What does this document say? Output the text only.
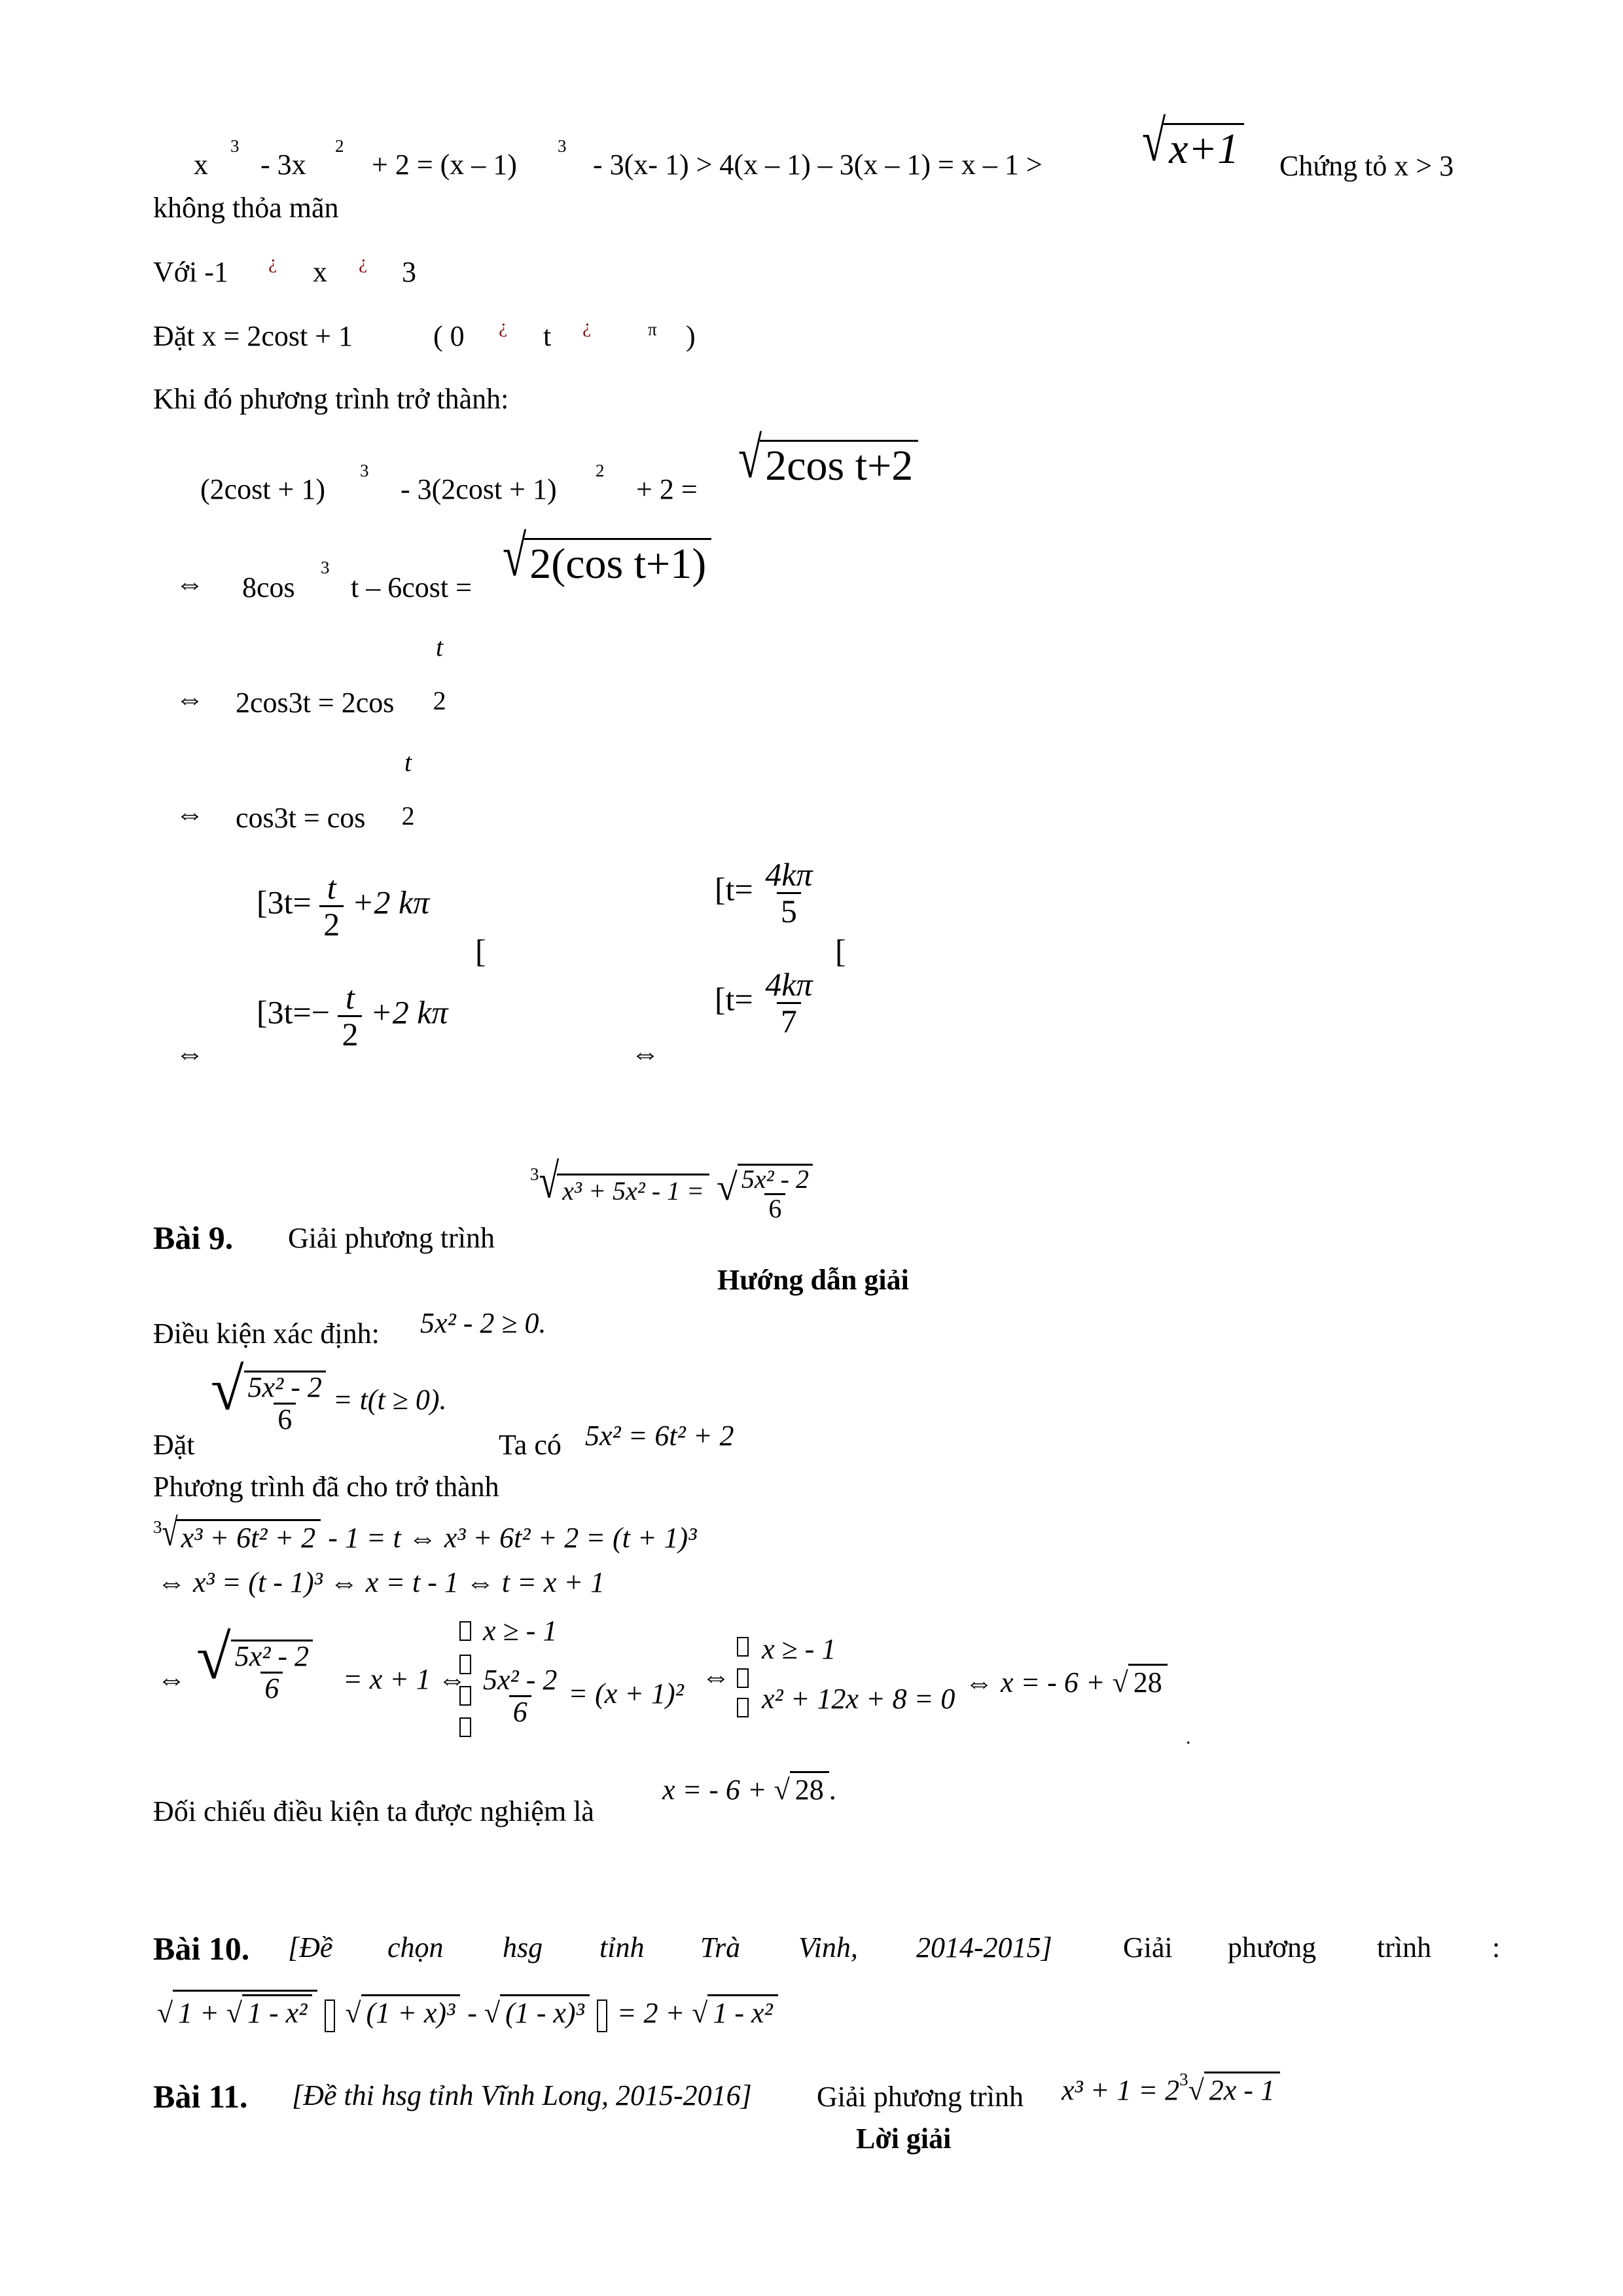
x
3
- 3x
2
+ 2 = (x – 1)
3
- 3(x- 1) > 4(x – 1) – 3(x – 1) = x – 1 > √x+1 Chứng tỏ x > 3
không thỏa mãn
Với -1 ¿ x ¿ 3
Đặt x = 2cost + 1	( 0 ¿ t ¿	π )
Khi đó phương trình trở thành:
(2cost + 1)
3
- 3(2cost + 1)
2
+ 2 = √2cos t+2
⇔ 8cos
3
t – 6cost = √2(cos t+1)
⇔ 2cos3t = 2cos
t
2
⇔ cos3t = cos
t
2
[$3t= \frac{t}{2} +2$ kπ
[$3t=- \frac{t}{2} +2$ kπ
[
⇔	⇔
[$t= \frac{4k\pi}{5}$
[$t= \frac{4k\pi}{7}$
[
$^3$√ x³ + 5x² - 1 = √ $\frac{\text{5x² - 2}}{6}$
Bài 9. Giải phương trình
Hướng dẫn giải
Điều kiện xác định: 5x² - 2 ≥ 0.
Đặt
√ $\frac{\text{5x² - 2}}{6} = t(t \ge 0)$.
Ta có 5x² = 6t² + 2
Phương trình đã cho trở thành
$^3$√ x³ + 6t² + 2 - 1 = t ⇔ x³ + 6t² + 2 = (t + 1)³
⇔ x³ = (t - 1)³ ⇔ x = t - 1 ⇔ t = x + 1
⇔ √ $\frac{\text{5x² - 2}}{6} = x + 1$ ⇔

x ≥ - 1
$\frac{\text{5x² - 2}}{6} = (x + 1)^2$
⇔

x ≥ - 1
x² + 12x + 8 = 0
⇔ x = - 6 + √ 28
.
Đối chiếu điều kiện ta được nghiệm là
x = - 6 + √ 28 .
Bài 10. [Đề chọn hsg tỉnh Trà Vinh, 2014-2015] Giải phương trình :
√ 1 + √ 1 - x² √ (1 + x)³ - √ (1 - x)³ = 2 + √ 1 - x²
Bài 11. [Đề thi hsg tỉnh Vĩnh Long, 2015-2016] Giải phương trình $x^3 + 1 = 2^3√$ 2x - 1
Lời giải
